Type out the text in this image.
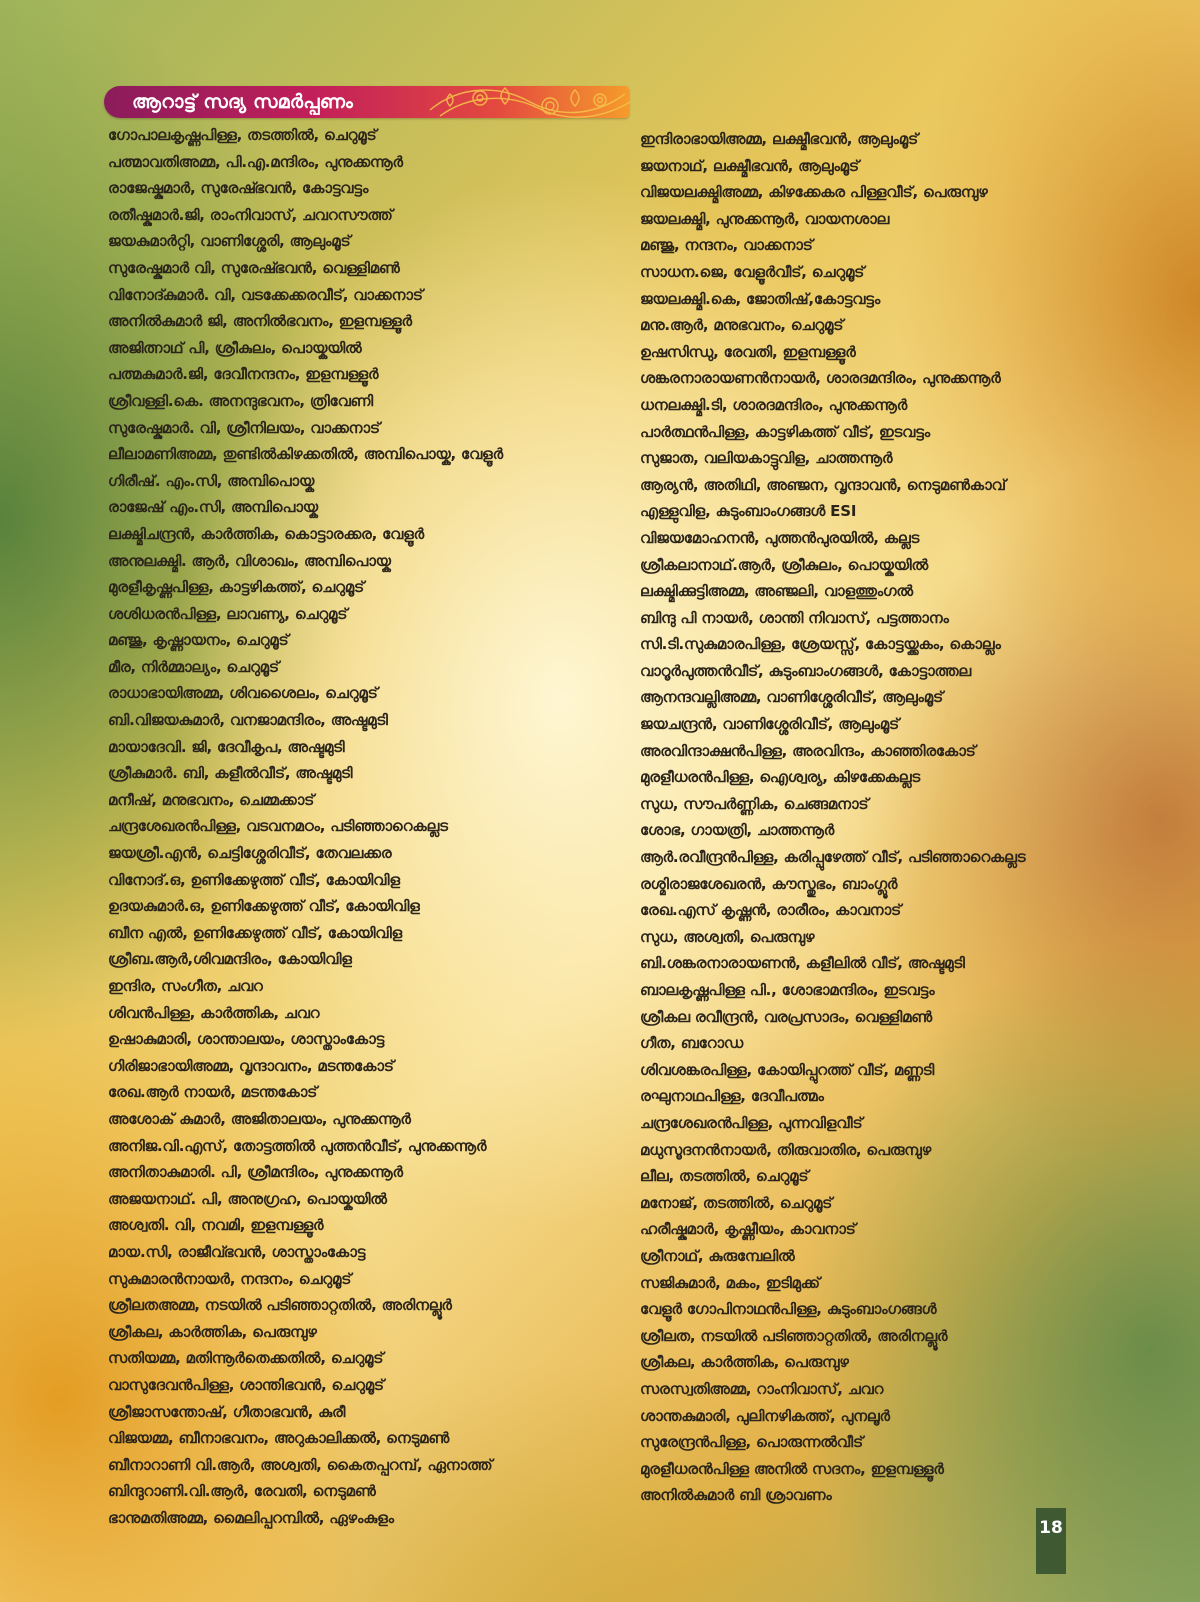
ആറാട്ട് സദ്യ സമർപ്പണം
ഗോപാലകൃഷ്ണപിള്ള, തടത്തിൽ, ചെറുമൂട്
പത്മാവതിഅമ്മ, പി.എ.മന്ദിരം, പുനുക്കന്നൂർ
രാജേഷ്കുമാർ, സുരേഷ്ഭവൻ, കോട്ടവട്ടം
രതീഷ്കുമാർ.ജി, രാംനിവാസ്, ചവറസൗത്ത്
ജയകുമാർറ്റി, വാണിശ്ശേരി, ആലുംമൂട്
സുരേഷ്കുമാർ വി, സുരേഷ്ഭവൻ, വെള്ളിമൺ
വിനോദ്കുമാർ. വി, വടക്കേക്കരവീട്, വാക്കനാട്
അനിൽകുമാർ ജി, അനിൽഭവനം, ഇളമ്പള്ളൂർ
അജിത്നാഥ് പി, ശ്രീകുലം, പൊയ്കയിൽ
പത്മകുമാർ.ജി, ദേവീനന്ദനം, ഇളമ്പള്ളൂർ
ശ്രീവള്ളി.കെ. അനന്ദുഭവനം, ത്രിവേണി
സുരേഷ്കുമാർ. വി, ശ്രീനിലയം, വാക്കനാട്
ലീലാമണിഅമ്മ, തുണ്ടിൽകിഴക്കതിൽ, അമ്പിപൊയ്ക, വേളൂർ
ഗിരീഷ്. എം.സി, അമ്പിപൊയ്ക
രാജേഷ് എം.സി, അമ്പിപൊയ്ക
ലക്ഷ്മിചന്ദ്രൻ, കാർത്തിക, കൊട്ടാരക്കര, വേളൂർ
അനുലക്ഷ്മി. ആർ, വിശാഖം, അമ്പിപൊയ്ക
മുരളീകൃഷ്ണപിള്ള, കാട്ടഴികത്ത്, ചെറുമൂട്
ശശിധരൻപിള്ള, ലാവണ്യ, ചെറുമൂട്
മഞ്ജു, കൃഷ്ണായനം, ചെറുമൂട്
മീര, നിർമ്മാല്യം, ചെറുമൂട്
രാധാഭായിഅമ്മ, ശിവശൈലം, ചെറുമൂട്
ബി.വിജയകുമാർ, വനജാമന്ദിരം, അഷ്ടമുടി
മായാദേവി. ജി, ദേവീകൃപ, അഷ്ടമുടി
ശ്രീകുമാർ. ബി, കളീൽവീട്, അഷ്ടമുടി
മനീഷ്, മനുഭവനം, ചെമ്മക്കാട്
ചന്ദ്രശേഖരൻപിള്ള, വടവനമഠം, പടിഞ്ഞാറെകല്ലട
ജയശ്രീ.എൻ, ചെട്ടിശ്ശേരിവീട്, തേവലക്കര
വിനോദ്.ഒ, ഉണിക്കേഴുത്ത് വീട്, കോയിവിള
ഉദയകുമാർ.ഒ, ഉണിക്കേഴുത്ത് വീട്, കോയിവിള
ബീന എൽ, ഉണിക്കേഴുത്ത് വീട്, കോയിവിള
ശ്രീബ.ആർ,ശിവമന്ദിരം, കോയിവിള
ഇന്ദിര, സംഗീത, ചവറ
ശിവൻപിള്ള, കാർത്തിക, ചവറ
ഉഷാകുമാരി, ശാന്താലയം, ശാസ്താംകോട്ട
ഗിരിജാഭായിഅമ്മ, വൃന്ദാവനം, മടന്തകോട്
രേഖ.ആർ നായർ, മടന്തകോട്
അശോക് കുമാർ, അജിതാലയം, പുനുക്കന്നൂർ
അനിജ.വി.എസ്, തോട്ടത്തിൽ പുത്തൻവീട്, പുനുക്കന്നൂർ
അനിതാകുമാരി. പി, ശ്രീമന്ദിരം, പുനുക്കന്നൂർ
അജയനാഥ്. പി, അനുഗ്രഹ, പൊയ്കയിൽ
അശ്വതി. വി, നവമി, ഇളമ്പള്ളൂർ
മായ.സി, രാജീവ്ഭവൻ, ശാസ്താംകോട്ട
സുകുമാരൻനായർ, നന്ദനം, ചെറുമൂട്
ശ്രീലതഅമ്മ, നടയിൽ പടിഞ്ഞാറ്റതിൽ, അരിനല്ലൂർ
ശ്രീകല, കാർത്തിക, പെരുമ്പുഴ
സതിയമ്മ, മതിന്നൂർതെക്കതിൽ, ചെറുമൂട്
വാസുദേവൻപിള്ള, ശാന്തിഭവൻ, ചെറുമൂട്
ശ്രീജാസന്തോഷ്, ഗീതാഭവൻ, കുരീ
വിജയമ്മ, ബീനാഭവനം, അറുകാലിക്കൽ, നെടുമൺ
ബീനാറാണി വി.ആർ, അശ്വതി, കൈതപ്പറമ്പ്, ഏനാത്ത്
ബിന്ദുറാണി.വി.ആർ, രേവതി, നെടുമൺ
ഭാനുമതിഅമ്മ, മൈലിപ്പറമ്പിൽ, ഏഴംകുളം
ഇന്ദിരാഭായിഅമ്മ, ലക്ഷ്മീഭവൻ, ആലുംമൂട്
ജയനാഥ്, ലക്ഷ്മീഭവൻ, ആലുംമൂട്
വിജയലക്ഷ്മിഅമ്മ, കിഴക്കേകര പിള്ളവീട്, പെരുമ്പുഴ
ജയലക്ഷ്മി, പുനുക്കന്നൂർ, വായനശാല
മഞ്ജു, നന്ദനം, വാക്കനാട്
സാധന.ജെ, വേളൂർവീട്, ചെറുമൂട്
ജയലക്ഷ്മി.കെ, ജോതിഷ്,കോട്ടവട്ടം
മനു.ആർ, മനുഭവനം, ചെറുമൂട്
ഉഷസിന്ധു, രേവതി, ഇളമ്പള്ളൂർ
ശങ്കരനാരായണൻനായർ, ശാരദമന്ദിരം, പുനുക്കന്നൂർ
ധനലക്ഷ്മി.ടി, ശാരദമന്ദിരം, പുനുക്കന്നൂർ
പാർത്ഥൻപിള്ള, കാട്ടഴികത്ത് വീട്, ഇടവട്ടം
സുജാത, വലിയകാട്ടുവിള, ചാത്തന്നൂർ
ആര്യൻ, അതിഥി, അഞ്ജന, വൃന്ദാവൻ, നെടുമൺകാവ്
എള്ളുവിള, കുടുംബാംഗങ്ങൾ ESI
വിജയമോഹനൻ, പുത്തൻപുരയിൽ, കല്ലട
ശ്രീകലാനാഥ്.ആർ, ശ്രീകുലം, പൊയ്കയിൽ
ലക്ഷ്മിക്കുട്ടിഅമ്മ, അഞ്ജലി, വാളത്തുംഗൽ
ബിന്ദു പി നായർ, ശാന്തി നിവാസ്, പട്ടത്താനം
സി.ടി.സുകുമാരപിള്ള, ശ്രേയസ്സ്, കോട്ടയ്ക്കകം, കൊല്ലം
വാറൂർപുത്തൻവീട്, കുടുംബാംഗങ്ങൾ, കോട്ടാത്തല
ആനന്ദവല്ലിഅമ്മ, വാണിശ്ശേരിവീട്, ആലുംമൂട്
ജയചന്ദ്രൻ, വാണിശ്ശേരിവീട്, ആലുംമൂട്
അരവിന്ദാക്ഷൻപിള്ള, അരവിന്ദം, കാഞ്ഞിരകോട്
മുരളീധരൻപിള്ള, ഐശ്വര്യ, കിഴക്കേകല്ലട
സുധ, സൗപർണ്ണിക, ചെങ്ങമനാട്
ശോഭ, ഗായത്രി, ചാത്തന്നൂർ
ആർ.രവീന്ദ്രൻപിള്ള, കരിപ്പുഴേത്ത് വീട്, പടിഞ്ഞാറെകല്ലട
രശ്മിരാജശേഖരൻ, കൗസ്തുഭം, ബാംഗ്ലൂർ
രേഖ.എസ് കൃഷ്ണൻ, രാരീരം, കാവനാട്
സുധ, അശ്വതി, പെരുമ്പുഴ
ബി.ശങ്കരനാരായണൻ, കളീലിൽ വീട്, അഷ്ടമുടി
ബാലകൃഷ്ണപിള്ള പി., ശോഭാമന്ദിരം, ഇടവട്ടം
ശ്രീകല രവീന്ദ്രൻ, വരപ്രസാദം, വെള്ളിമൺ
ഗീത, ബറോഡ
ശിവശങ്കരപിള്ള, കോയിപ്പുറത്ത് വീട്, മണ്ണടി
രഘുനാഥപിള്ള, ദേവീപത്മം
ചന്ദ്രശേഖരൻപിള്ള, പുന്നവിളവീട്
മധുസൂദനൻനായർ, തിരുവാതിര, പെരുമ്പുഴ
ലീല, തടത്തിൽ, ചെറുമൂട്
മനോജ്, തടത്തിൽ, ചെറുമൂട്
ഹരീഷ്കുമാർ, കൃഷ്ണീയം, കാവനാട്
ശ്രീനാഥ്, കുരുമ്പേലിൽ
സജികുമാർ, മകം, ഇടിമുക്ക്
വേളൂർ ഗോപിനാഥൻപിള്ള, കുടുംബാംഗങ്ങൾ
ശ്രീലത, നടയിൽ പടിഞ്ഞാറ്റതിൽ, അരിനല്ലൂർ
ശ്രീകല, കാർത്തിക, പെരുമ്പുഴ
സരസ്വതിഅമ്മ, റാംനിവാസ്, ചവറ
ശാന്തകുമാരി, പുലിനഴികത്ത്, പുനലൂർ
സുരേന്ദ്രൻപിള്ള, പൊരുന്നൽവീട്
മുരളീധരൻപിള്ള അനിൽ സദനം, ഇളമ്പള്ളൂർ
അനിൽകുമാർ ബി ശ്രാവണം
18
